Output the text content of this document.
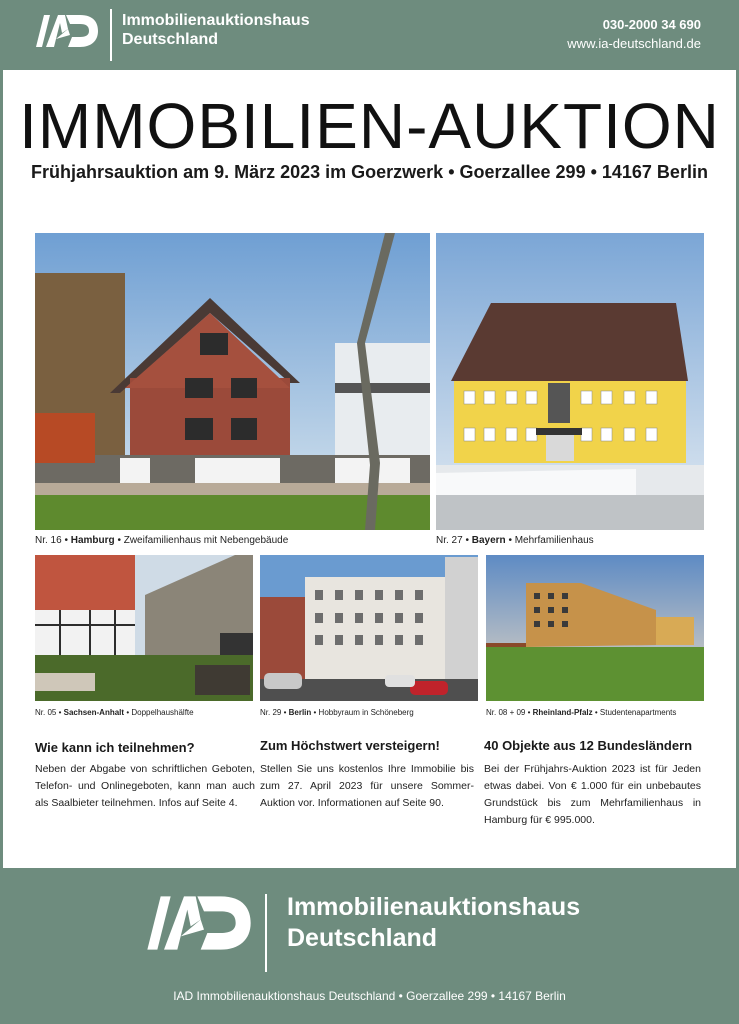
Immobilienauktionshaus
Deutschland
030-2000 34 690
www.ia-deutschland.de
IMMOBILIEN-AUKTION
Frühjahrsauktion am 9. März 2023 im Goerzwerk • Goerzallee 299 • 14167 Berlin
Nr. 16 • Hamburg • Zweifamilienhaus mit Nebengebäude	Nr. 27 • Bayern • Mehrfamilienhaus
Nr. 05 • Sachsen-Anhalt • Doppelhaushälfte	Nr. 29 • Berlin • Hobbyraum in Schöneberg	Nr. 08 + 09 • Rheinland-Pfalz • Studentenapartments
Wie kann ich teilnehmen?
Neben der Abgabe von schriftlichen Geboten, Telefon- und Onlinegeboten, kann man auch als Saalbieter teilnehmen. Infos auf Seite 4.
Zum Höchstwert versteigern!
Stellen Sie uns kostenlos Ihre Immobilie bis zum 27. April 2023 für unsere Sommer-Auktion vor. Informationen auf Seite 90.
40 Objekte aus 12 Bundesländern
Bei der Frühjahrs-Auktion 2023 ist für Jeden etwas dabei. Von € 1.000 für ein unbebautes Grundstück bis zum Mehrfamilienhaus in Hamburg für € 995.000.
Immobilienauktionshaus
Deutschland
IAD Immobilienauktionshaus Deutschland • Goerzallee 299 • 14167 Berlin
